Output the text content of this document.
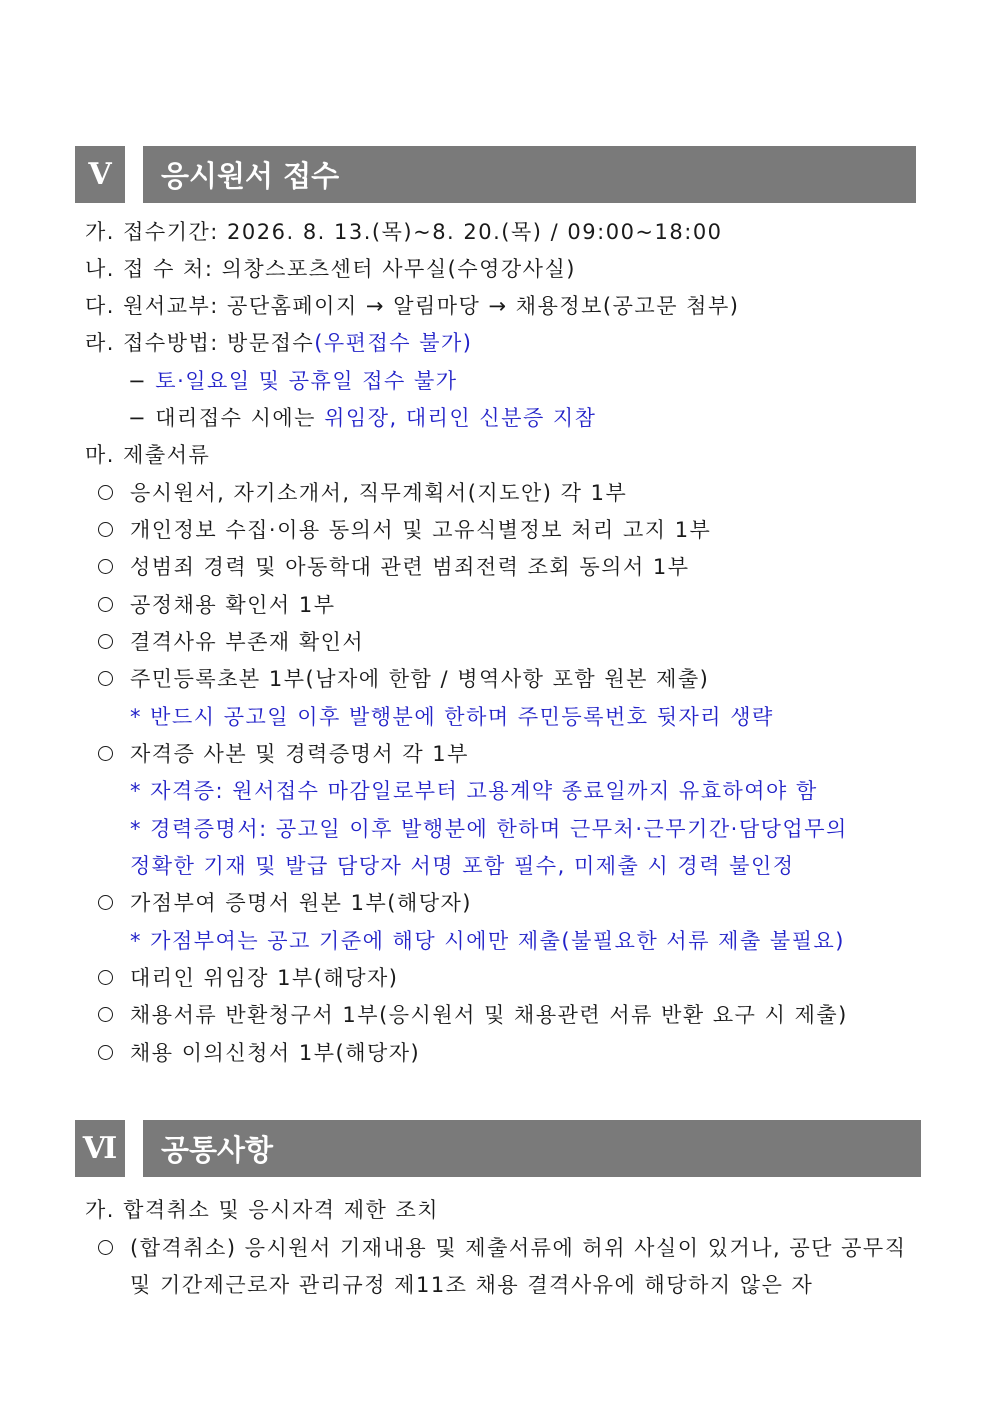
Ⅴ	응시원서 접수
가. 접수기간: 2026. 8. 13.(목)~8. 20.(목) / 09:00~18:00
나. 접 수 처: 의창스포츠센터 사무실(수영강사실)
다. 원서교부: 공단홈페이지 → 알림마당 → 채용정보(공고문 첨부)
라. 접수방법: 방문접수(우편접수 불가)
− 토·일요일 및 공휴일 접수 불가
− 대리접수 시에는 위임장, 대리인 신분증 지참
마. 제출서류
응시원서, 자기소개서, 직무계획서(지도안) 각 1부
개인정보 수집·이용 동의서 및 고유식별정보 처리 고지 1부
성범죄 경력 및 아동학대 관련 범죄전력 조회 동의서 1부
공정채용 확인서 1부
결격사유 부존재 확인서
주민등록초본 1부(남자에 한함 / 병역사항 포함 원본 제출)
* 반드시 공고일 이후 발행분에 한하며 주민등록번호 뒷자리 생략
자격증 사본 및 경력증명서 각 1부
* 자격증: 원서접수 마감일로부터 고용계약 종료일까지 유효하여야 함
* 경력증명서: 공고일 이후 발행분에 한하며 근무처·근무기간·담당업무의
정확한 기재 및 발급 담당자 서명 포함 필수, 미제출 시 경력 불인정
가점부여 증명서 원본 1부(해당자)
* 가점부여는 공고 기준에 해당 시에만 제출(불필요한 서류 제출 불필요)
대리인 위임장 1부(해당자)
채용서류 반환청구서 1부(응시원서 및 채용관련 서류 반환 요구 시 제출)
채용 이의신청서 1부(해당자)
Ⅵ	공통사항
가. 합격취소 및 응시자격 제한 조치
(합격취소) 응시원서 기재내용 및 제출서류에 허위 사실이 있거나, 공단 공무직
및 기간제근로자 관리규정 제11조 채용 결격사유에 해당하지 않은 자
